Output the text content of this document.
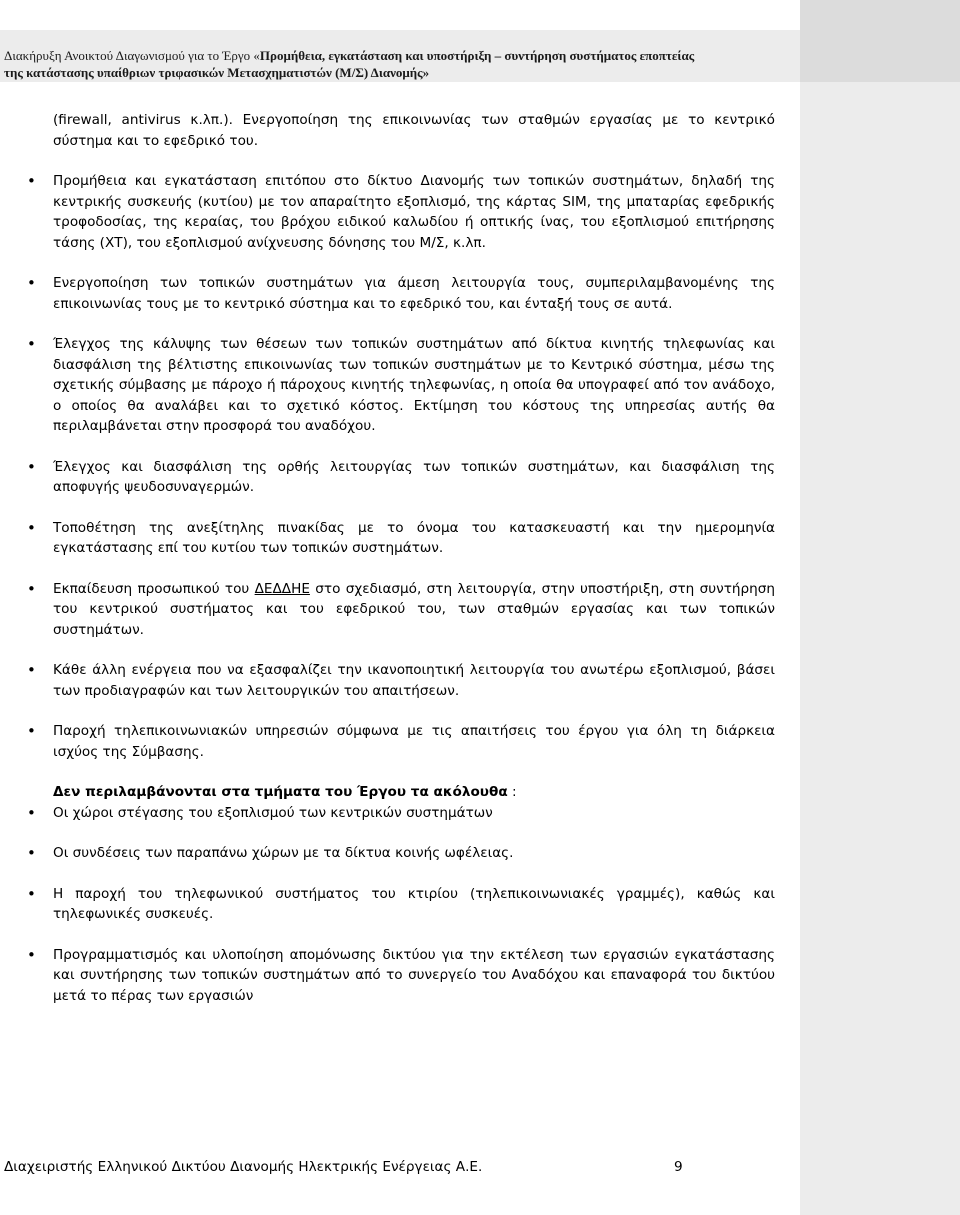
Διακήρυξη Ανοικτού Διαγωνισμού για το Έργο «Προμήθεια, εγκατάσταση και υποστήριξη – συντήρηση συστήματος εποπτείας
της κατάστασης υπαίθριων τριφασικών Μετασχηματιστών (Μ/Σ) Διανομής»

(firewall, antivirus κ.λπ.). Ενεργοποίηση της επικοινωνίας των σταθμών εργασίας με το κεντρικό σύστημα και το εφεδρικό του.

• Προμήθεια και εγκατάσταση επιτόπου στο δίκτυο Διανομής των τοπικών συστημάτων, δηλαδή της κεντρικής συσκευής (κυτίου) με τον απαραίτητο εξοπλισμό, της κάρτας SIM, της μπαταρίας εφεδρικής τροφοδοσίας, της κεραίας, του βρόχου ειδικού καλωδίου ή οπτικής ίνας, του εξοπλισμού επιτήρησης τάσης (ΧΤ), του εξοπλισμού ανίχνευσης δόνησης του Μ/Σ, κ.λπ.
• Ενεργοποίηση των τοπικών συστημάτων για άμεση λειτουργία τους, συμπεριλαμβανομένης της επικοινωνίας τους με το κεντρικό σύστημα και το εφεδρικό του, και ένταξή τους σε αυτά.
• Έλεγχος της κάλυψης των θέσεων των τοπικών συστημάτων από δίκτυα κινητής τηλεφωνίας και διασφάλιση της βέλτιστης επικοινωνίας των τοπικών συστημάτων με το Κεντρικό σύστημα, μέσω της σχετικής σύμβασης με πάροχο ή πάροχους κινητής τηλεφωνίας, η οποία θα υπογραφεί από τον ανάδοχο, ο οποίος θα αναλάβει και το σχετικό κόστος. Εκτίμηση του κόστους της υπηρεσίας αυτής θα περιλαμβάνεται στην προσφορά του αναδόχου.
• Έλεγχος και διασφάλιση της ορθής λειτουργίας των τοπικών συστημάτων, και διασφάλιση της αποφυγής ψευδοσυναγερμών.
• Τοποθέτηση της ανεξίτηλης πινακίδας με το όνομα του κατασκευαστή και την ημερομηνία εγκατάστασης επί του κυτίου των τοπικών συστημάτων.
• Εκπαίδευση προσωπικού του ΔΕΔΔΗΕ στο σχεδιασμό, στη λειτουργία, στην υποστήριξη, στη συντήρηση του κεντρικού συστήματος και του εφεδρικού του, των σταθμών εργασίας και των τοπικών συστημάτων.
• Κάθε άλλη ενέργεια που να εξασφαλίζει την ικανοποιητική λειτουργία του ανωτέρω εξοπλισμού, βάσει των προδιαγραφών και των λειτουργικών του απαιτήσεων.
• Παροχή τηλεπικοινωνιακών υπηρεσιών σύμφωνα με τις απαιτήσεις του έργου για όλη τη διάρκεια ισχύος της Σύμβασης.

Δεν περιλαμβάνονται στα τμήματα του Έργου τα ακόλουθα :

• Οι χώροι στέγασης του εξοπλισμού των κεντρικών συστημάτων
• Οι συνδέσεις των παραπάνω χώρων με τα δίκτυα κοινής ωφέλειας.
• Η παροχή του τηλεφωνικού συστήματος του κτιρίου (τηλεπικοινωνιακές γραμμές), καθώς και τηλεφωνικές συσκευές.
• Προγραμματισμός και υλοποίηση απομόνωσης δικτύου για την εκτέλεση των εργασιών εγκατάστασης και συντήρησης των τοπικών συστημάτων από το συνεργείο του Αναδόχου και επαναφορά του δικτύου μετά το πέρας των εργασιών
Διαχειριστής Ελληνικού Δικτύου Διανομής Ηλεκτρικής Ενέργειας Α.Ε.	9
